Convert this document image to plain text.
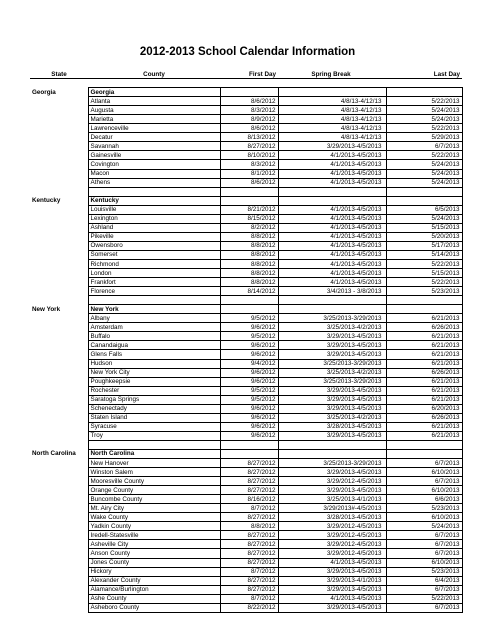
2012-2013 School Calendar Information
State	County	First Day	Spring Break	Last Day

Georgia	Georgia			
	Atlanta	8/6/2012	4/8/13-4/12/13	5/22/2013
	Augusta	8/3/2012	4/8/13-4/12/13	5/24/2013
	Marietta	8/9/2012	4/8/13-4/12/13	5/24/2013
	Lawrenceville	8/6/2012	4/8/13-4/12/13	5/22/2013
	Decatur	8/13/2012	4/8/13-4/12/13	5/29/2013
	Savannah	8/27/2012	3/29/2013-4/5/2013	6/7/2013
	Gainesville	8/10/2012	4/1/2013-4/5/2013	5/22/2013
	Covington	8/3/2012	4/1/2013-4/5/2013	5/24/2013
	Macon	8/1/2012	4/1/2013-4/5/2013	5/24/2013
	Athens	8/6/2012	4/1/2013-4/5/2013	5/24/2013

Kentucky	Kentucky			
	Louisville	8/21/2012	4/1/2013-4/5/2013	6/5/2013
	Lexington	8/15/2012	4/1/2013-4/5/2013	5/24/2013
	Ashland	8/2/2012	4/1/2013-4/5/2013	5/15/2013
	Pikeville	8/8/2012	4/1/2013-4/5/2013	5/20/2013
	Owensboro	8/8/2012	4/1/2013-4/5/2013	5/17/2013
	Somerset	8/8/2012	4/1/2013-4/5/2013	5/14/2013
	Richmond	8/8/2012	4/1/2013-4/5/2013	5/22/2013
	London	8/8/2012	4/1/2013-4/5/2013	5/15/2013
	Frankfort	8/8/2012	4/1/2013-4/5/2013	5/22/2013
	Florence	8/14/2012	3/4/2013 - 3/8/2013	5/23/2013

New York	New York			
	Albany	9/5/2012	3/25/2013-3/29/2013	6/21/2013
	Amsterdam	9/6/2012	3/25/2013-4/2/2013	6/26/2013
	Buffalo	9/5/2012	3/29/2013-4/5/2013	6/21/2013
	Canandaigua	9/6/2012	3/29/2013-4/5/2013	6/21/2013
	Glens Falls	9/6/2012	3/29/2013-4/5/2013	6/21/2013
	Hudson	9/4/2012	3/25/2013-3/29/2013	6/21/2013
	New York City	9/6/2012	3/25/2013-4/2/2013	6/26/2013
	Poughkeepsie	9/6/2012	3/25/2013-3/29/2013	6/21/2013
	Rochester	9/5/2012	3/29/2013-4/5/2013	6/21/2013
	Saratoga Springs	9/5/2012	3/29/2013-4/5/2013	6/21/2013
	Schenectady	9/6/2012	3/29/2013-4/5/2013	6/20/2013
	Staten Island	9/6/2012	3/25/2013-4/2/2013	6/26/2013
	Syracuse	9/6/2012	3/28/2013-4/5/2013	6/21/2013
	Troy	9/6/2012	3/29/2013-4/5/2013	6/21/2013

North Carolina	North Carolina			
	New Hanover	8/27/2012	3/25/2013-3/29/2013	6/7/2013
	Winston Salem	8/27/2012	3/29/2013-4/5/2013	6/10/2013
	Mooresville County	8/27/2012	3/29/2012-4/5/2013	6/7/2013
	Orange County	8/27/2012	3/29/2013-4/5/2013	6/10/2013
	Buncombe County	8/16/2012	3/25/2013-4/1/2013	6/6/2013
	Mt. Airy City	8/7/2012	3/29/2013#-4/5/2013	5/23/2013
	Wake County	8/27/2012	3/28/2013-4/5/2013	6/10/2013
	Yadkin County	8/8/2012	3/29/2012-4/5/2013	5/24/2013
	Iredell-Statesville	8/27/2012	3/29/2012-4/5/2013	6/7/2013
	Asheville City	8/27/2012	3/29/2012-4/5/2013	6/7/2013
	Anson County	8/27/2012	3/29/2012-4/5/2013	6/7/2013
	Jones County	8/27/2012	4/1/2013-4/5/2013	6/10/2013
	Hickory	8/7/2012	3/29/2013-4/5/2013	5/23/2013
	Alexander County	8/27/2012	3/29/2013-4/1/2013	6/4/2013
	Alamance/Burlington	8/27/2012	3/29/2013-4/5/2013	6/7/2013
	Ashe County	8/7/2012	4/1/2013-4/5/2013	5/22/2013
	Asheboro County	8/22/2012	3/29/2013-4/5/2013	6/7/2013
